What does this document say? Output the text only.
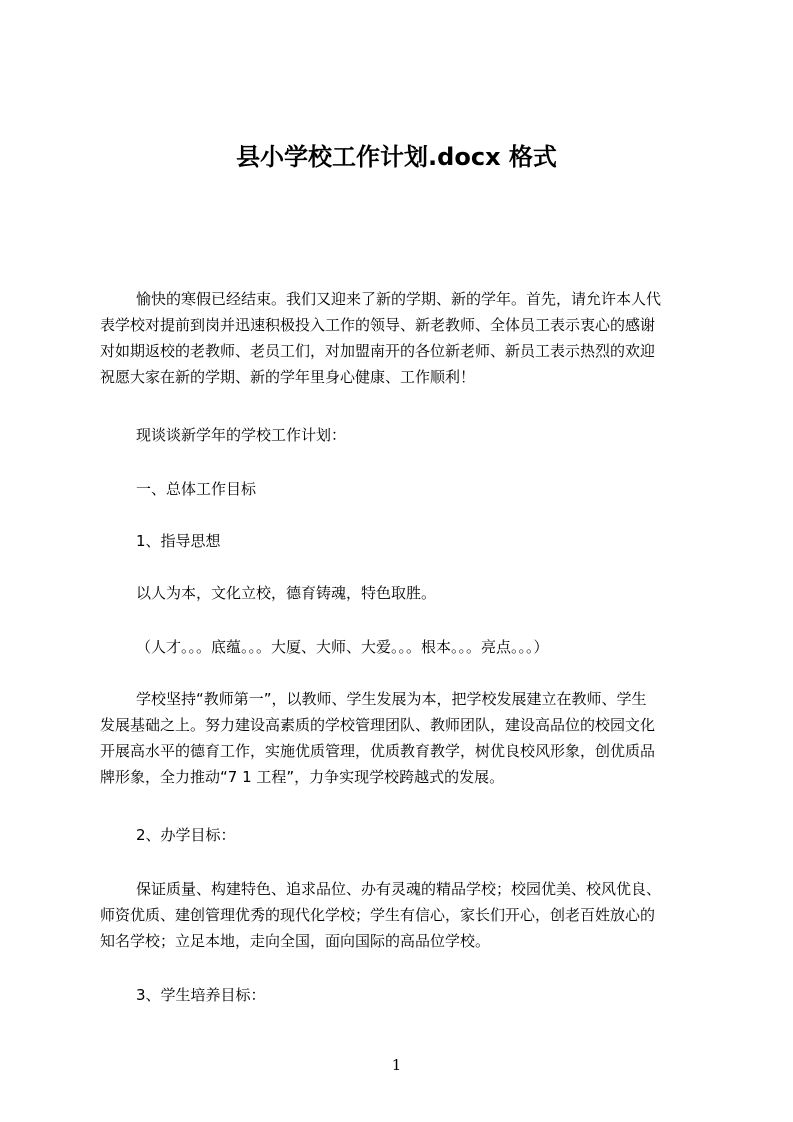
县小学校工作计划.docx 格式
愉快的寒假已经结束。我们又迎来了新的学期、新的学年。首先，请允许本人代
表学校对提前到岗并迅速积极投入工作的领导、新老教师、全体员工表示衷心的感谢
对如期返校的老教师、老员工们，对加盟南开的各位新老师、新员工表示热烈的欢迎
祝愿大家在新的学期、新的学年里身心健康、工作顺利！
现谈谈新学年的学校工作计划：
一、总体工作目标
1、指导思想
以人为本，文化立校，德育铸魂，特色取胜。
（人才。。。底蕴。。。大厦、大师、大爱。。。根本。。。亮点。。。）
学校坚持“教师第一”，以教师、学生发展为本，把学校发展建立在教师、学生
发展基础之上。努力建设高素质的学校管理团队、教师团队，建设高品位的校园文化
开展高水平的德育工作，实施优质管理，优质教育教学，树优良校风形象，创优质品
牌形象，全力推动“7 1 工程”，力争实现学校跨越式的发展。
2、办学目标：
保证质量、构建特色、追求品位、办有灵魂的精品学校；校园优美、校风优良、
师资优质、建创管理优秀的现代化学校；学生有信心，家长们开心，创老百姓放心的
知名学校；立足本地，走向全国，面向国际的高品位学校。
3、学生培养目标：
1
